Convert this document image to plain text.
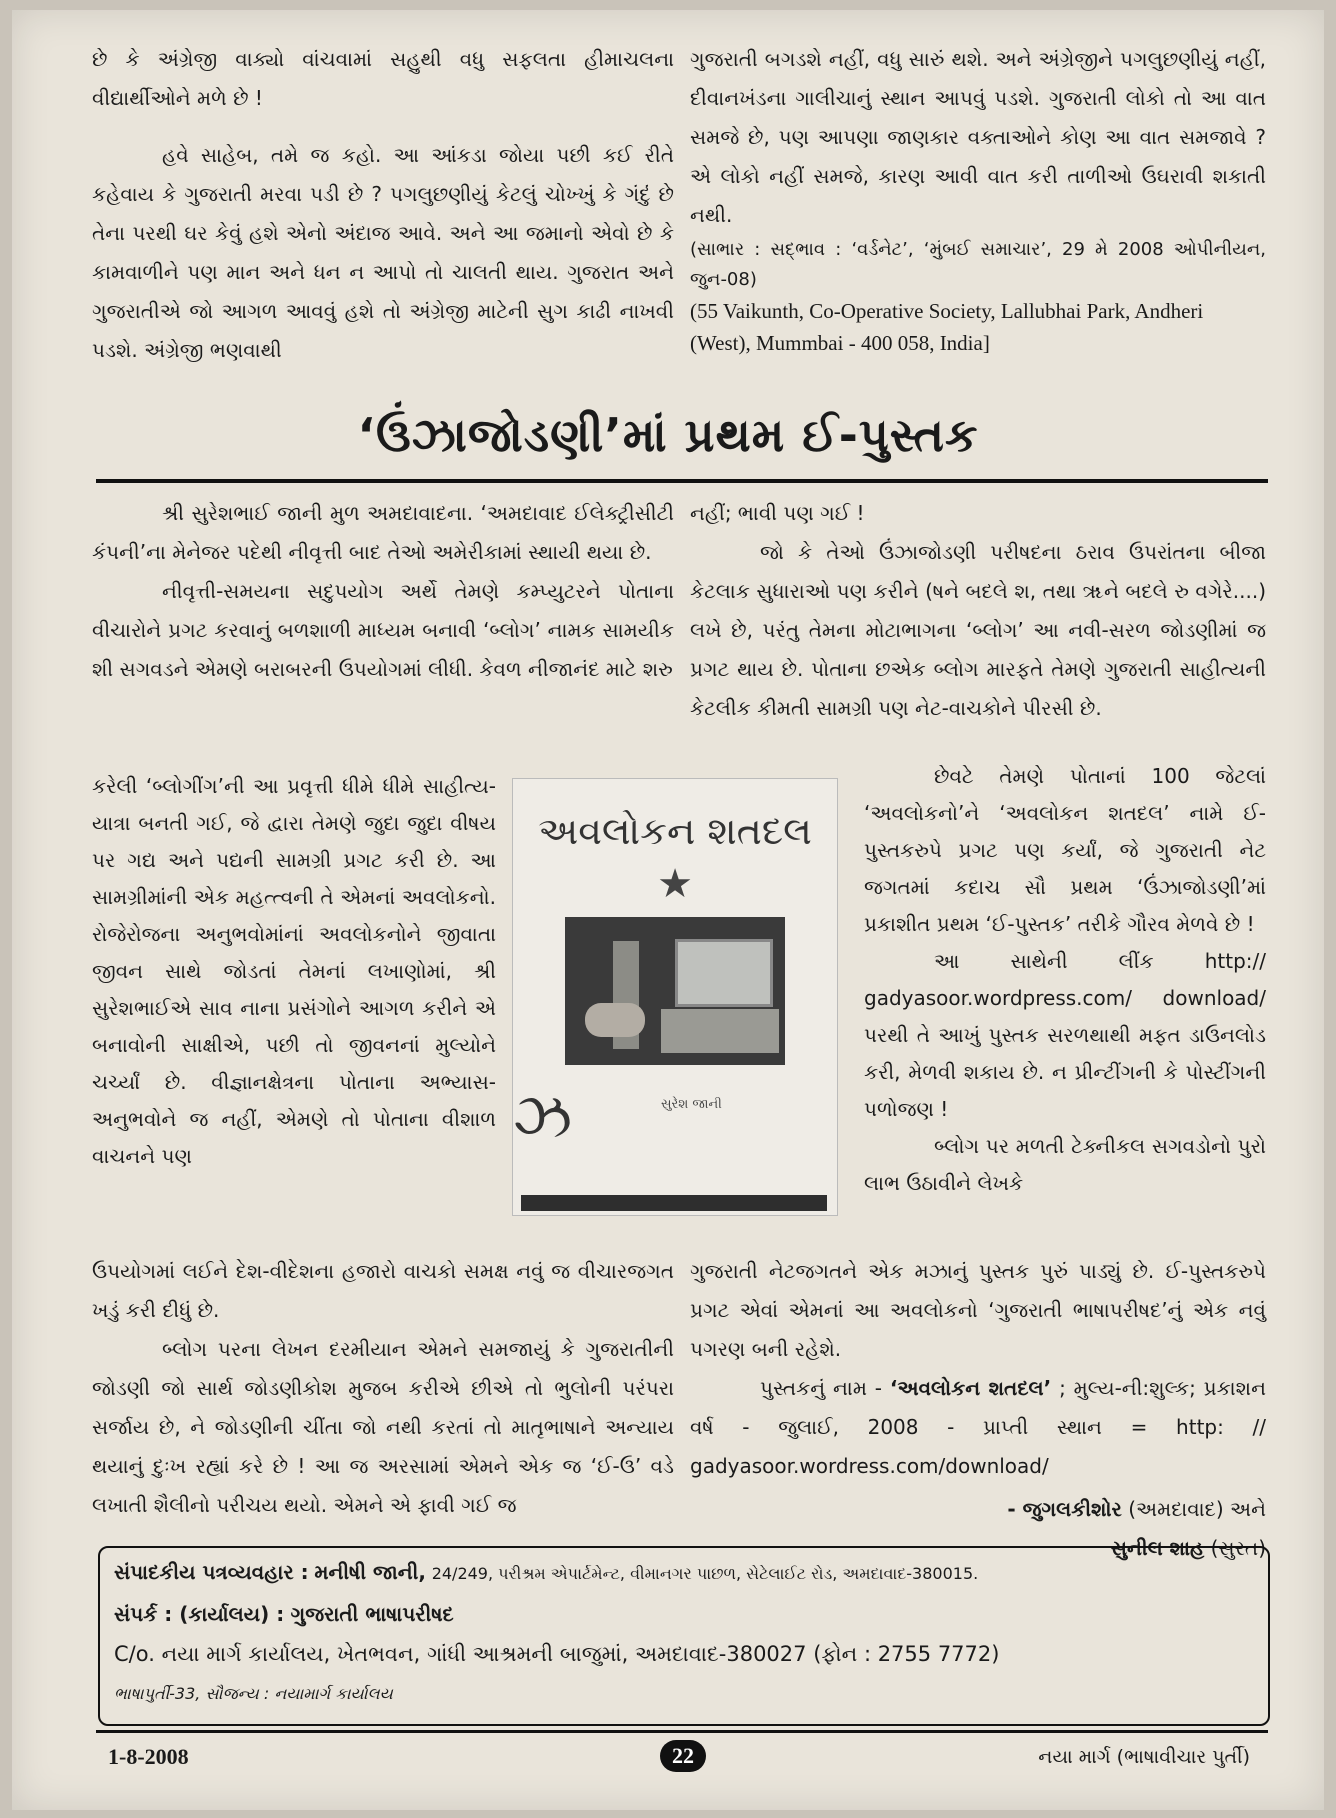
છે કે અંગ્રેજી વાક્યો વાંચવામાં સહુથી વધુ સફલતા હીમાચલના વીદ્યાર્થીઓને મળે છે !

હવે સાહેબ, તમે જ કહો. આ આંકડા જોયા પછી કઈ રીતે કહેવાય કે ગુજરાતી મરવા પડી છે ? પગલુછણીયું કેટલું ચોખ્ખું કે ગંદું છે તેના પરથી ઘર કેવું હશે એનો અંદાજ આવે. અને આ જમાનો એવો છે કે કામવાળીને પણ માન અને ધન ન આપો તો ચાલતી થાય. ગુજરાત અને ગુજરાતીએ જો આગળ આવવું હશે તો અંગ્રેજી માટેની સુગ કાઢી નાખવી પડશે. અંગ્રેજી ભણવાથી

ગુજરાતી બગડશે નહીં, વધુ સારું થશે. અને અંગ્રેજીને પગલુછણીયું નહીં, દીવાનખંડના ગાલીચાનું સ્થાન આપવું પડશે. ગુજરાતી લોકો તો આ વાત સમજે છે, પણ આપણા જાણકાર વક્તાઓને કોણ આ વાત સમજાવે ? એ લોકો નહીં સમજે, કારણ આવી વાત કરી તાળીઓ ઉઘરાવી શકાતી નથી.

(સાભાર : સદ્ભાવ : ‘વર્ડનેટ’, ‘મુંબઈ સમાચાર’, 29 મે 2008 ઓપીનીયન, જુન-08)

(55 Vaikunth, Co-Operative Society, Lallubhai Park, Andheri (West), Mummbai - 400 058, India]

‘ઉંઝાજોડણી’માં પ્રથમ ઈ-પુસ્તક

શ્રી સુરેશભાઈ જાની મુળ અમદાવાદના. ‘અમદાવાદ ઈલેક્ટ્રીસીટી કંપની’ના મેનેજર પદેથી નીવૃત્તી બાદ તેઓ અમેરીકામાં સ્થાયી થયા છે.

નીવૃત્તી-સમયના સદુપયોગ અર્થે તેમણે કમ્પ્યુટરને પોતાના વીચારોને પ્રગટ કરવાનું બળશાળી માધ્યમ બનાવી ‘બ્લોગ’ નામક સામયીક શી સગવડને એમણે બરાબરની ઉપયોગમાં લીધી. કેવળ નીજાનંદ માટે શરુ

કરેલી ‘બ્લોગીંગ’ની આ પ્રવૃત્તી ધીમે ધીમે સાહીત્ય-યાત્રા બનતી ગઈ, જે દ્વારા તેમણે જુદા જુદા વીષય પર ગદ્ય અને પદ્યની સામગ્રી પ્રગટ કરી છે. આ સામગ્રીમાંની એક મહત્ત્વની તે એમનાં અવલોકનો. રોજેરોજના અનુભવોમાંનાં અવલોકનોને જીવાતા જીવન સાથે જોડતાં તેમનાં લખાણોમાં, શ્રી સુરેશભાઈએ સાવ નાના પ્રસંગોને આગળ કરીને એ બનાવોની સાક્ષીએ, પછી તો જીવનનાં મુલ્યોને ચર્ચ્યાં છે. વીજ્ઞાનક્ષેત્રના પોતાના અભ્યાસ-અનુભવોને જ નહીં, એમણે તો પોતાના વીશાળ વાચનને પણ

ઉપયોગમાં લઈને દેશ-વીદેશના હજારો વાચકો સમક્ષ નવું જ વીચારજગત ખડું કરી દીધું છે.

બ્લોગ પરના લેખન દરમીયાન એમને સમજાયું કે ગુજરાતીની જોડણી જો સાર્થ જોડણીકોશ મુજબ કરીએ છીએ તો ભુલોની પરંપરા સર્જાય છે, ને જોડણીની ચીંતા જો નથી કરતાં તો માતૃભાષાને અન્યાય થયાનું દુઃખ રહ્યાં કરે છે ! આ જ અરસામાં એમને એક જ ‘ઈ-ઉ’ વડે લખાતી શૈલીનો પરીચય થયો. એમને એ ફાવી ગઈ જ

અવલોકન શતદલ
★
ઝ	સુરેશ જાની

નહીં; ભાવી પણ ગઈ !

જો કે તેઓ ઉંઝાજોડણી પરીષદના ઠરાવ ઉપરાંતના બીજા કેટલાક સુધારાઓ પણ કરીને (ષને બદલે શ, તથા ૠને બદલે રુ વગેરે....) લખે છે, પરંતુ તેમના મોટાભાગના ‘બ્લોગ’ આ નવી-સરળ જોડણીમાં જ પ્રગટ થાય છે. પોતાના છએક બ્લોગ મારફતે તેમણે ગુજરાતી સાહીત્યની કેટલીક કીમતી સામગ્રી પણ નેટ-વાચકોને પીરસી છે.

છેવટે તેમણે પોતાનાં 100 જેટલાં ‘અવલોકનો’ને ‘અવલોકન શતદલ’ નામે ઈ-પુસ્તકરુપે પ્રગટ પણ કર્યાં, જે ગુજરાતી નેટ જગતમાં કદાચ સૌ પ્રથમ ‘ઉંઝાજોડણી’માં પ્રકાશીત પ્રથમ ‘ઈ-પુસ્તક’ તરીકે ગૌરવ મેળવે છે !

આ સાથેની લીંક http:// gadyasoor.wordpress.com/ download/ પરથી તે આખું પુસ્તક સરળથાથી મફત ડાઉનલોડ કરી, મેળવી શકાય છે. ન પ્રીન્ટીંગની કે પોસ્ટીંગની પળોજણ !

બ્લોગ પર મળતી ટેક્નીકલ સગવડોનો પુરો લાભ ઉઠાવીને લેખકે

ગુજરાતી નેટજગતને એક મઝાનું પુસ્તક પુરું પાડ્યું છે. ઈ-પુસ્તકરુપે પ્રગટ એવાં એમનાં આ અવલોકનો ‘ગુજરાતી ભાષાપરીષદ’નું એક નવું પગરણ બની રહેશે.

પુસ્તકનું નામ - ‘અવલોકન શતદલ’ ; મુલ્ય-ની:શુલ્ક; પ્રકાશન વર્ષ - જુલાઈ, 2008 - પ્રાપ્તી સ્થાન = http: // gadyasoor.wordress.com/download/

- જુગલકીશોર (અમદાવાદ) અને

સુનીલ શાહ (સુરત)

સંપાદકીય પત્રવ્યવહાર : મનીષી જાની, 24/249, પરીશ્રમ એપાર્ટમેન્ટ, વીમાનગર પાછળ, સેટેલાઈટ રોડ, અમદાવાદ-380015.
સંપર્ક : (કાર્યાલય) : ગુજરાતી ભાષાપરીષદ
C/o. નયા માર્ગ કાર્યાલય, ખેતભવન, ગાંધી આશ્રમની બાજુમાં, અમદાવાદ-380027 (ફોન : 2755 7772)
ભાષાપુર્તી-33, સૌજન્ય : નયામાર્ગ કાર્યાલય
1-8-2008	22	નયા માર્ગ (ભાષાવીચાર પુર્તી)
